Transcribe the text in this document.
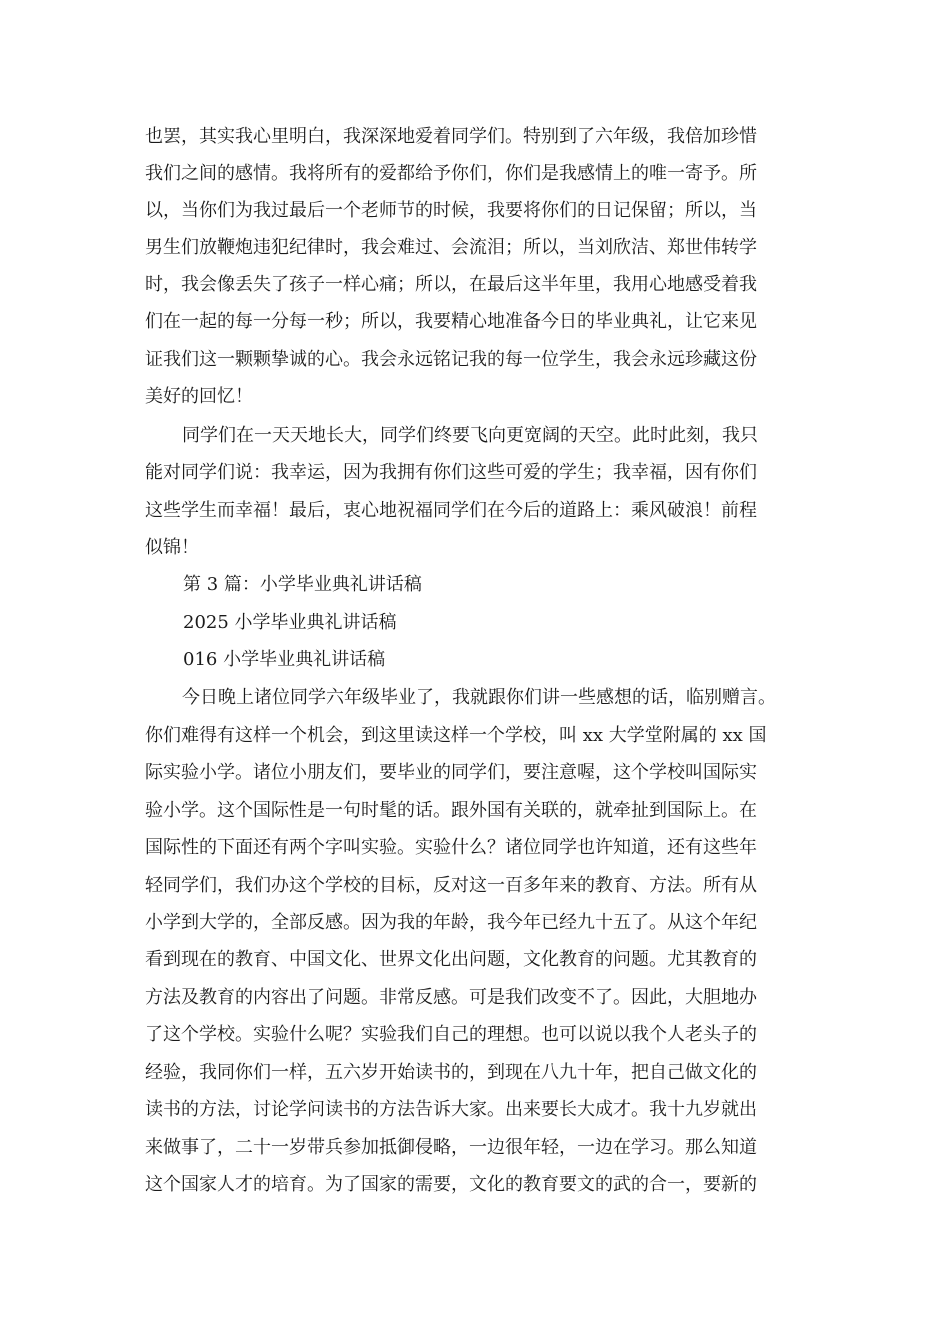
也罢，其实我心里明白，我深深地爱着同学们。特别到了六年级，我倍加珍惜
我们之间的感情。我将所有的爱都给予你们，你们是我感情上的唯一寄予。所
以，当你们为我过最后一个老师节的时候，我要将你们的日记保留；所以，当
男生们放鞭炮违犯纪律时，我会难过、会流泪；所以，当刘欣洁、郑世伟转学
时，我会像丢失了孩子一样心痛；所以，在最后这半年里，我用心地感受着我
们在一起的每一分每一秒；所以，我要精心地准备今日的毕业典礼，让它来见
证我们这一颗颗挚诚的心。我会永远铭记我的每一位学生，我会永远珍藏这份
美好的回忆！
同学们在一天天地长大，同学们终要飞向更宽阔的天空。此时此刻，我只
能对同学们说：我幸运，因为我拥有你们这些可爱的学生；我幸福，因有你们
这些学生而幸福！最后，衷心地祝福同学们在今后的道路上：乘风破浪！前程
似锦！
第 3 篇：小学毕业典礼讲话稿
2025 小学毕业典礼讲话稿
016 小学毕业典礼讲话稿
今日晚上诸位同学六年级毕业了，我就跟你们讲一些感想的话，临别赠言。
你们难得有这样一个机会，到这里读这样一个学校，叫 xx 大学堂附属的 xx 国
际实验小学。诸位小朋友们，要毕业的同学们，要注意喔，这个学校叫国际实
验小学。这个国际性是一句时髦的话。跟外国有关联的，就牵扯到国际上。在
国际性的下面还有两个字叫实验。实验什么？诸位同学也许知道，还有这些年
轻同学们，我们办这个学校的目标，反对这一百多年来的教育、方法。所有从
小学到大学的，全部反感。因为我的年龄，我今年已经九十五了。从这个年纪
看到现在的教育、中国文化、世界文化出问题，文化教育的问题。尤其教育的
方法及教育的内容出了问题。非常反感。可是我们改变不了。因此，大胆地办
了这个学校。实验什么呢？实验我们自己的理想。也可以说以我个人老头子的
经验，我同你们一样，五六岁开始读书的，到现在八九十年，把自己做文化的
读书的方法，讨论学问读书的方法告诉大家。出来要长大成才。我十九岁就出
来做事了，二十一岁带兵参加抵御侵略，一边很年轻，一边在学习。那么知道
这个国家人才的培育。为了国家的需要，文化的教育要文的武的合一，要新的
